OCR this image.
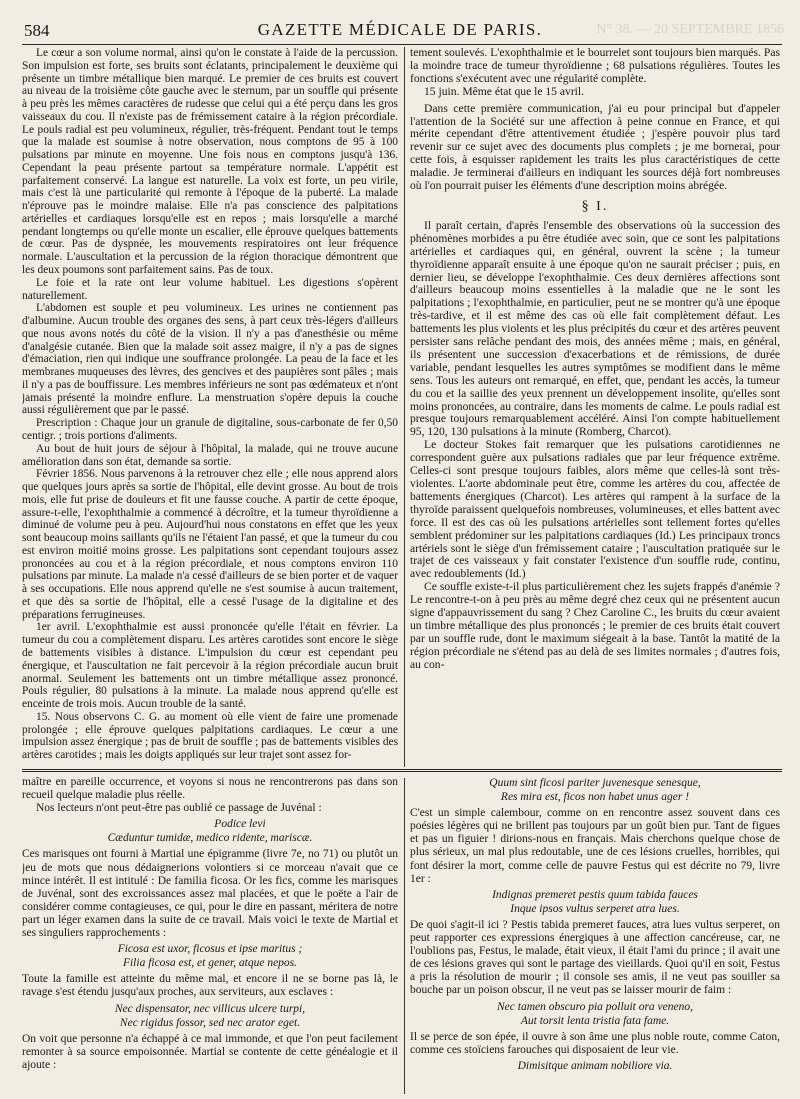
584	GAZETTE MÉDICALE DE PARIS.	N° 38. — 20 SEPTEMBRE 1856

Le cœur a son volume normal, ainsi qu'on le constate à l'aide de la percussion. Son impulsion est forte, ses bruits sont éclatants, principalement le deuxième qui présente un timbre métallique bien marqué. Le premier de ces bruits est couvert au niveau de la troisième côte gauche avec le sternum, par un souffle qui présente à peu près les mêmes caractères de rudesse que celui qui a été perçu dans les gros vaisseaux du cou. Il n'existe pas de frémissement cataire à la région précordiale. Le pouls radial est peu volumineux, régulier, très-fréquent. Pendant tout le temps que la malade est soumise à notre observation, nous comptons de 95 à 100 pulsations par minute en moyenne. Une fois nous en comptons jusqu'à 136. Cependant la peau présente partout sa température normale. L'appétit est parfaitement conservé. La langue est naturelle. La voix est forte, un peu virile, mais c'est là une particularité qui remonte à l'époque de la puberté. La malade n'éprouve pas le moindre malaise. Elle n'a pas conscience des palpitations artérielles et cardiaques lorsqu'elle est en repos ; mais lorsqu'elle a marché pendant longtemps ou qu'elle monte un escalier, elle éprouve quelques battements de cœur. Pas de dyspnée, les mouvements respiratoires ont leur fréquence normale. L'auscultation et la percussion de la région thoracique démontrent que les deux poumons sont parfaitement sains. Pas de toux.

Le foie et la rate ont leur volume habituel. Les digestions s'opèrent naturellement.

L'abdomen est souple et peu volumineux. Les urines ne contiennent pas d'albumine. Aucun trouble des organes des sens, à part ceux très-légers d'ailleurs que nous avons notés du côté de la vision. Il n'y a pas d'anesthésie ou même d'analgésie cutanée. Bien que la malade soit assez maigre, il n'y a pas de signes d'émaciation, rien qui indique une souffrance prolongée. La peau de la face et les membranes muqueuses des lèvres, des gencives et des paupières sont pâles ; mais il n'y a pas de bouffissure. Les membres inférieurs ne sont pas œdémateux et n'ont jamais présenté la moindre enflure. La menstruation s'opère depuis la couche aussi régulièrement que par le passé.

Prescription : Chaque jour un granule de digitaline, sous-carbonate de fer 0,50 centigr. ; trois portions d'aliments.

Au bout de huit jours de séjour à l'hôpital, la malade, qui ne trouve aucune amélioration dans son état, demande sa sortie.

Février 1856. Nous parvenons à la retrouver chez elle ; elle nous apprend alors que quelques jours après sa sortie de l'hôpital, elle devint grosse. Au bout de trois mois, elle fut prise de douleurs et fit une fausse couche. A partir de cette époque, assure-t-elle, l'exophthalmie a commencé à décroître, et la tumeur thyroïdienne a diminué de volume peu à peu. Aujourd'hui nous constatons en effet que les yeux sont beaucoup moins saillants qu'ils ne l'étaient l'an passé, et que la tumeur du cou est environ moitié moins grosse. Les palpitations sont cependant toujours assez prononcées au cou et à la région précordiale, et nous comptons environ 110 pulsations par minute. La malade n'a cessé d'ailleurs de se bien porter et de vaquer à ses occupations. Elle nous apprend qu'elle ne s'est soumise à aucun traitement, et que dès sa sortie de l'hôpital, elle a cessé l'usage de la digitaline et des préparations ferrugineuses.

1er avril. L'exophthalmie est aussi prononcée qu'elle l'était en février. La tumeur du cou a complètement disparu. Les artères carotides sont encore le siège de battements visibles à distance. L'impulsion du cœur est cependant peu énergique, et l'auscultation ne fait percevoir à la région précordiale aucun bruit anormal. Seulement les battements ont un timbre métallique assez prononcé. Pouls régulier, 80 pulsations à la minute. La malade nous apprend qu'elle est enceinte de trois mois. Aucun trouble de la santé.

15. Nous observons C. G. au moment où elle vient de faire une promenade prolongée ; elle éprouve quelques palpitations cardiaques. Le cœur a une impulsion assez énergique ; pas de bruit de souffle ; pas de battements visibles des artères carotides ; mais les doigts appliqués sur leur trajet sont assez for-

tement soulevés. L'exophthalmie et le bourrelet sont toujours bien marqués. Pas la moindre trace de tumeur thyroïdienne ; 68 pulsations régulières. Toutes les fonctions s'exécutent avec une régularité complète.

15 juin. Même état que le 15 avril.

Dans cette première communication, j'ai eu pour principal but d'appeler l'attention de la Société sur une affection à peine connue en France, et qui mérite cependant d'être attentivement étudiée ; j'espère pouvoir plus tard revenir sur ce sujet avec des documents plus complets ; je me bornerai, pour cette fois, à esquisser rapidement les traits les plus caractéristiques de cette maladie. Je terminerai d'ailleurs en indiquant les sources déjà fort nombreuses où l'on pourrait puiser les éléments d'une description moins abrégée.

§ I.

Il paraît certain, d'après l'ensemble des observations où la succession des phénomènes morbides a pu être étudiée avec soin, que ce sont les palpitations artérielles et cardiaques qui, en général, ouvrent la scène ; la tumeur thyroïdienne apparaît ensuite à une époque qu'on ne saurait préciser ; puis, en dernier lieu, se développe l'exophthalmie. Ces deux dernières affections sont d'ailleurs beaucoup moins essentielles à la maladie que ne le sont les palpitations ; l'exophthalmie, en particulier, peut ne se montrer qu'à une époque très-tardive, et il est même des cas où elle fait complètement défaut. Les battements les plus violents et les plus précipités du cœur et des artères peuvent persister sans relâche pendant des mois, des années même ; mais, en général, ils présentent une succession d'exacerbations et de rémissions, de durée variable, pendant lesquelles les autres symptômes se modifient dans le même sens. Tous les auteurs ont remarqué, en effet, que, pendant les accès, la tumeur du cou et la saillie des yeux prennent un développement insolite, qu'elles sont moins prononcées, au contraire, dans les moments de calme. Le pouls radial est presque toujours remarquablement accéléré. Ainsi l'on compte habituellement 95, 120, 130 pulsations à la minute (Romberg, Charcot).

Le docteur Stokes fait remarquer que les pulsations carotidiennes ne correspondent guère aux pulsations radiales que par leur fréquence extrême. Celles-ci sont presque toujours faibles, alors même que celles-là sont très-violentes. L'aorte abdominale peut être, comme les artères du cou, affectée de battements énergiques (Charcot). Les artères qui rampent à la surface de la thyroïde paraissent quelquefois nombreuses, volumineuses, et elles battent avec force. Il est des cas où les pulsations artérielles sont tellement fortes qu'elles semblent prédominer sur les palpitations cardiaques (Id.) Les principaux troncs artériels sont le siège d'un frémissement cataire ; l'auscultation pratiquée sur le trajet de ces vaisseaux y fait constater l'existence d'un souffle rude, continu, avec redoublements (Id.)

Ce souffle existe-t-il plus particulièrement chez les sujets frappés d'anémie ? Le rencontre-t-on à peu près au même degré chez ceux qui ne présentent aucun signe d'appauvrissement du sang ? Chez Caroline C., les bruits du cœur avaient un timbre métallique des plus prononcés ; le premier de ces bruits était couvert par un souffle rude, dont le maximum siégeait à la base. Tantôt la matité de la région précordiale ne s'étend pas au delà de ses limites normales ; d'autres fois, au con-

maître en pareille occurrence, et voyons si nous ne rencontrerons pas dans son recueil quelque maladie plus réelle.

Nos lecteurs n'ont peut-être pas oublié ce passage de Juvénal :

Podice levi
Cæduntur tumidæ, medico ridente, mariscæ.

Ces marisques ont fourni à Martial une épigramme (livre 7e, no 71) ou plutôt un jeu de mots que nous dédaignerions volontiers si ce morceau n'avait que ce mince intérêt. Il est intitulé : De familia ficosa. Or les fics, comme les marisques de Juvénal, sont des excroissances assez mal placées, et que le poëte a l'air de considérer comme contagieuses, ce qui, pour le dire en passant, méritera de notre part un léger examen dans la suite de ce travail. Mais voici le texte de Martial et ses singuliers rapprochements :

Ficosa est uxor, ficosus et ipse maritus ;
Filia ficosa est, et gener, atque nepos.

Toute la famille est atteinte du même mal, et encore il ne se borne pas là, le ravage s'est étendu jusqu'aux proches, aux serviteurs, aux esclaves :

Nec dispensator, nec villicus ulcere turpi,
Nec rigidus fossor, sed nec arator eget.

On voit que personne n'a échappé à ce mal immonde, et que l'on peut facilement remonter à sa source empoisonnée. Martial se contente de cette généalogie et il ajoute :

Quum sint ficosi pariter juvenesque senesque,
Res mira est, ficos non habet unus ager !

C'est un simple calembour, comme on en rencontre assez souvent dans ces poésies légères qui ne brillent pas toujours par un goût bien pur. Tant de figues et pas un figuier ! dirions-nous en français. Mais cherchons quelque chose de plus sérieux, un mal plus redoutable, une de ces lésions cruelles, horribles, qui font désirer la mort, comme celle de pauvre Festus qui est décrite no 79, livre 1er :

Indignas premeret pestis quum tabida fauces
Inque ipsos vultus serperet atra lues.

De quoi s'agit-il ici ? Pestis tabida premeret fauces, atra lues vultus serperet, on peut rapporter ces expressions énergiques à une affection cancéreuse, car, ne l'oublions pas, Festus, le malade, était vieux, il était l'ami du prince ; il avait une de ces lésions graves qui sont le partage des vieillards. Quoi qu'il en soit, Festus a pris la résolution de mourir ; il console ses amis, il ne veut pas souiller sa bouche par un poison obscur, il ne veut pas se laisser mourir de faim :

Nec tamen obscuro pia polluit ora veneno,
Aut torsit lenta tristia fata fame.

Il se perce de son épée, il ouvre à son âme une plus noble route, comme Caton, comme ces stoïciens farouches qui disposaient de leur vie.

Dimisitque animam nobiliore via.
